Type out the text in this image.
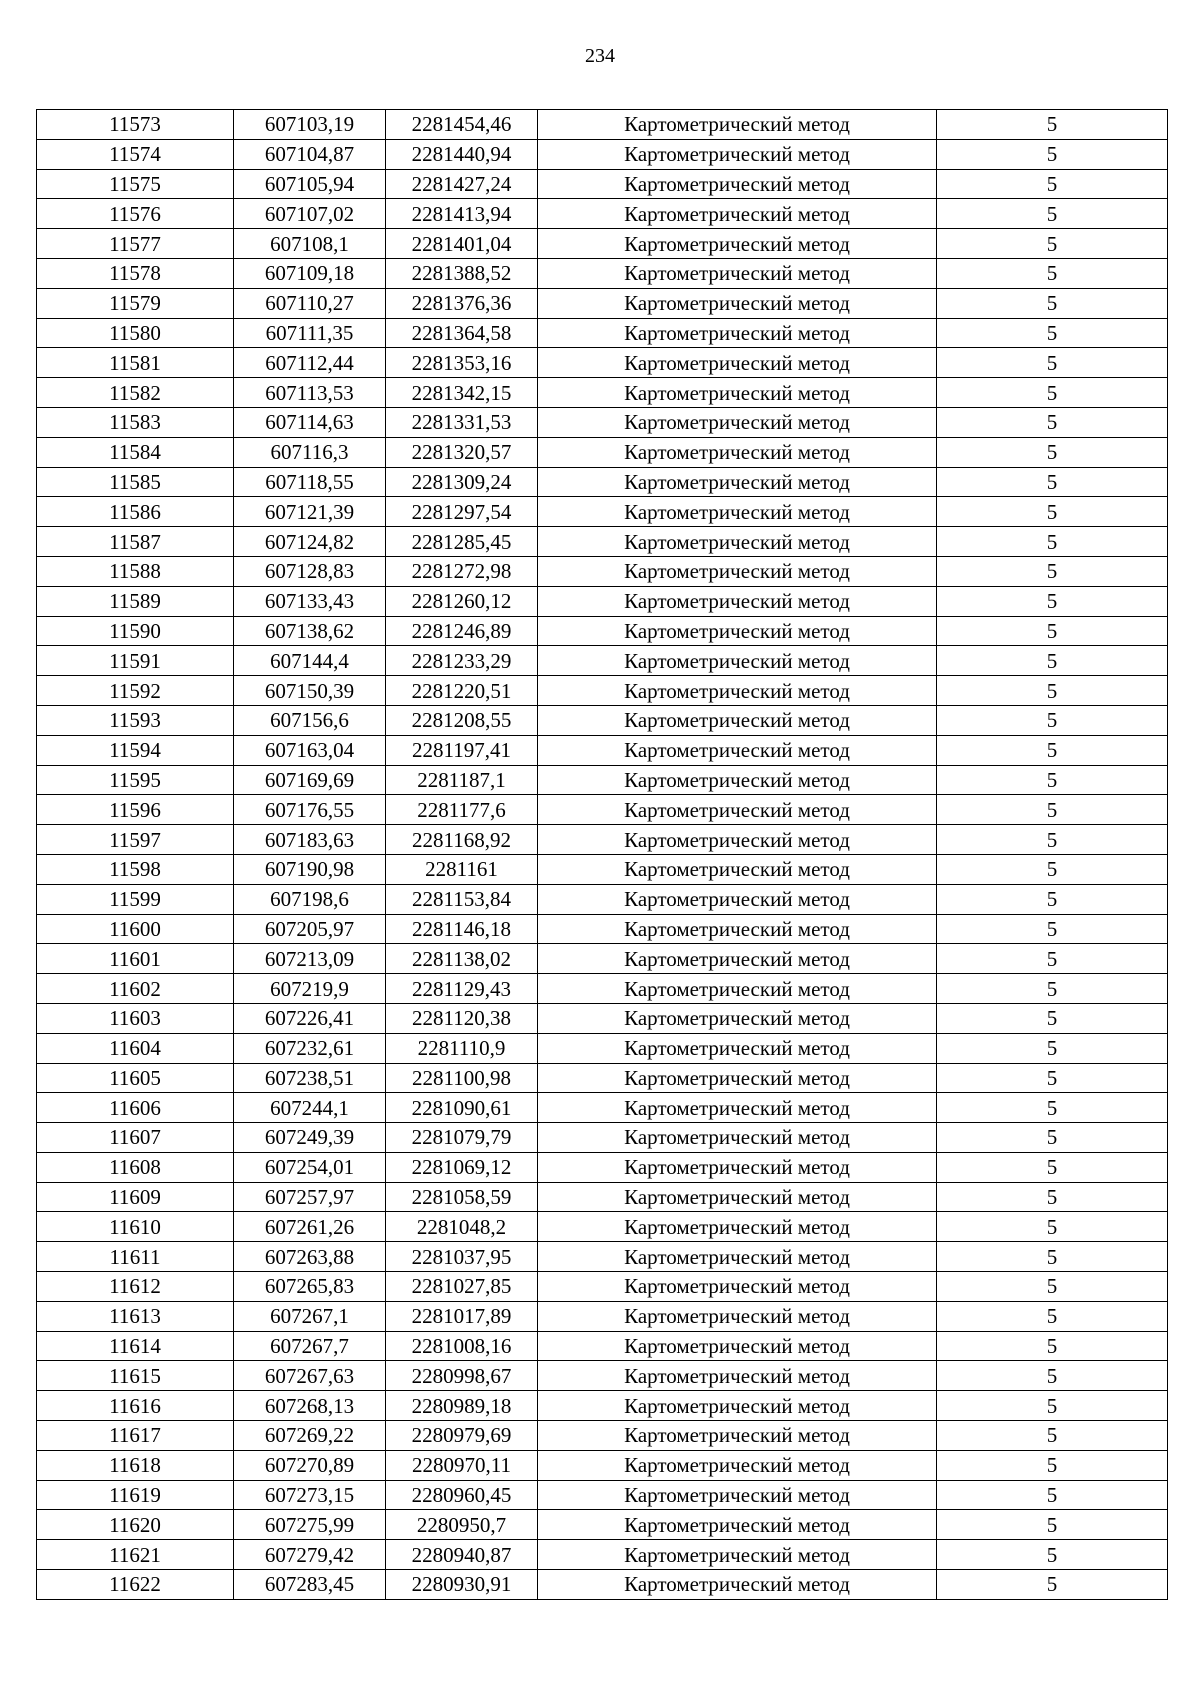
234
11573	607103,19	2281454,46	Картометрический метод	5
11574	607104,87	2281440,94	Картометрический метод	5
11575	607105,94	2281427,24	Картометрический метод	5
11576	607107,02	2281413,94	Картометрический метод	5
11577	607108,1	2281401,04	Картометрический метод	5
11578	607109,18	2281388,52	Картометрический метод	5
11579	607110,27	2281376,36	Картометрический метод	5
11580	607111,35	2281364,58	Картометрический метод	5
11581	607112,44	2281353,16	Картометрический метод	5
11582	607113,53	2281342,15	Картометрический метод	5
11583	607114,63	2281331,53	Картометрический метод	5
11584	607116,3	2281320,57	Картометрический метод	5
11585	607118,55	2281309,24	Картометрический метод	5
11586	607121,39	2281297,54	Картометрический метод	5
11587	607124,82	2281285,45	Картометрический метод	5
11588	607128,83	2281272,98	Картометрический метод	5
11589	607133,43	2281260,12	Картометрический метод	5
11590	607138,62	2281246,89	Картометрический метод	5
11591	607144,4	2281233,29	Картометрический метод	5
11592	607150,39	2281220,51	Картометрический метод	5
11593	607156,6	2281208,55	Картометрический метод	5
11594	607163,04	2281197,41	Картометрический метод	5
11595	607169,69	2281187,1	Картометрический метод	5
11596	607176,55	2281177,6	Картометрический метод	5
11597	607183,63	2281168,92	Картометрический метод	5
11598	607190,98	2281161	Картометрический метод	5
11599	607198,6	2281153,84	Картометрический метод	5
11600	607205,97	2281146,18	Картометрический метод	5
11601	607213,09	2281138,02	Картометрический метод	5
11602	607219,9	2281129,43	Картометрический метод	5
11603	607226,41	2281120,38	Картометрический метод	5
11604	607232,61	2281110,9	Картометрический метод	5
11605	607238,51	2281100,98	Картометрический метод	5
11606	607244,1	2281090,61	Картометрический метод	5
11607	607249,39	2281079,79	Картометрический метод	5
11608	607254,01	2281069,12	Картометрический метод	5
11609	607257,97	2281058,59	Картометрический метод	5
11610	607261,26	2281048,2	Картометрический метод	5
11611	607263,88	2281037,95	Картометрический метод	5
11612	607265,83	2281027,85	Картометрический метод	5
11613	607267,1	2281017,89	Картометрический метод	5
11614	607267,7	2281008,16	Картометрический метод	5
11615	607267,63	2280998,67	Картометрический метод	5
11616	607268,13	2280989,18	Картометрический метод	5
11617	607269,22	2280979,69	Картометрический метод	5
11618	607270,89	2280970,11	Картометрический метод	5
11619	607273,15	2280960,45	Картометрический метод	5
11620	607275,99	2280950,7	Картометрический метод	5
11621	607279,42	2280940,87	Картометрический метод	5
11622	607283,45	2280930,91	Картометрический метод	5
